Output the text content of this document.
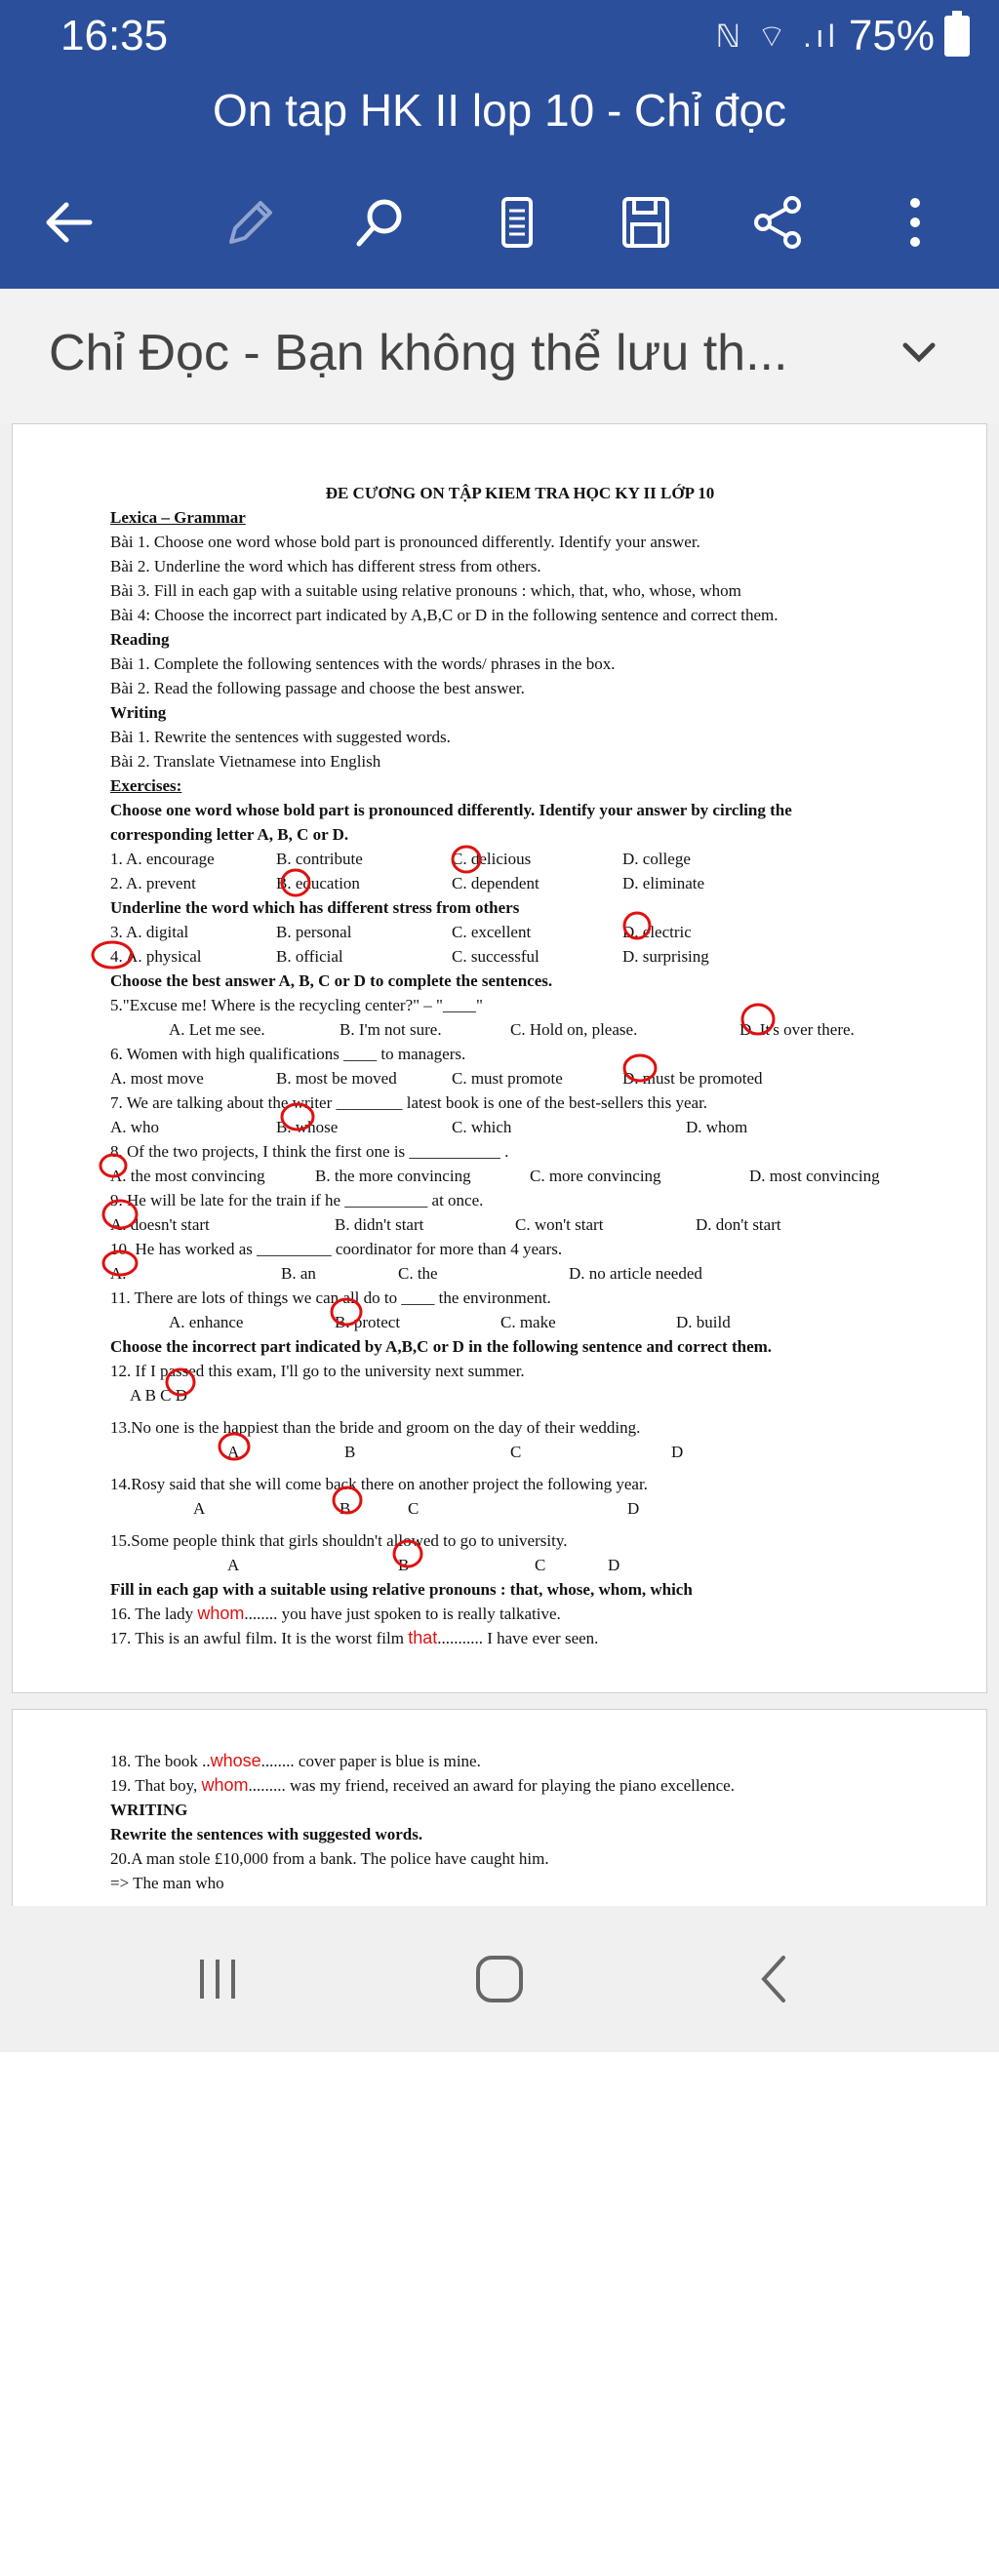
16:35	ℕ ⌔ .ıl 75%
On tap HK II lop 10 - Chỉ đọc
Chỉ Đọc - Bạn không thể lưu th...
ĐE CƯƠNG ON TẬP KIEM TRA HỌC KY II LỚP 10
Lexica – Grammar
Bài 1. Choose one word whose bold part is pronounced differently. Identify your answer.
Bài 2. Underline the word which has different stress from others.
Bài 3. Fill in each gap with a suitable using relative pronouns : which, that, who, whose, whom
Bài 4: Choose the incorrect part indicated by A,B,C or D in the following sentence and correct them.
Reading
Bài 1. Complete the following sentences with the words/ phrases in the box.
Bài 2. Read the following passage and choose the best answer.
Writing
Bài 1. Rewrite the sentences with suggested words.
Bài 2. Translate Vietnamese into English
Exercises:
Choose one word whose bold part is pronounced differently. Identify your answer by circling the
corresponding letter A, B, C or D.
1. A. encourage	B. contribute	C. delicious	D. college
2. A. prevent	B. education	C. dependent	D. eliminate
Underline the word which has different stress from others
3. A. digital	B. personal	C. excellent	D. electric
4. A. physical	B. official	C. successful	D. surprising
Choose the best answer A, B, C or D to complete the sentences.
5."Excuse me! Where is the recycling center?" – "____"
A. Let me see.	B. I'm not sure.	C. Hold on, please.	D. It's over there.
6. Women with high qualifications ____ to managers.
A. most move	B. most be moved	C. must promote	D. must be promoted
7. We are talking about the writer ________ latest book is one of the best-sellers this year.
A. who	B. whose	C. which	D. whom
8. Of the two projects, I think the first one is ___________ .
A. the most convincing	B. the more convincing	C. more convincing	D. most convincing
9. He will be late for the train if he __________ at once.
A. doesn't start	B. didn't start	C. won't start	D. don't start
10. He has worked as _________ coordinator for more than 4 years.
A.	B. an	C. the	D. no article needed
11. There are lots of things we can all do to ____ the environment.
A. enhance	B. protect	C. make	D. build
Choose the incorrect part indicated by A,B,C or D in the following sentence and correct them.
12. If I passed this exam, I'll go to the university next summer.
A B C D
13.No one is the happiest than the bride and groom on the day of their wedding.
A	B	C	D
14.Rosy said that she will come back there on another project the following year.
A	B	C	D
15.Some people think that girls shouldn't allowed to go to university.
A	B	C	D
Fill in each gap with a suitable using relative pronouns : that, whose, whom, which
16. The lady whom........ you have just spoken to is really talkative.
17. This is an awful film. It is the worst film that........... I have ever seen.
18. The book ..whose........ cover paper is blue is mine.
19. That boy, whom......... was my friend, received an award for playing the piano excellence.
WRITING
Rewrite the sentences with suggested words.
20.A man stole £10,000 from a bank. The police have caught him.
=> The man who
